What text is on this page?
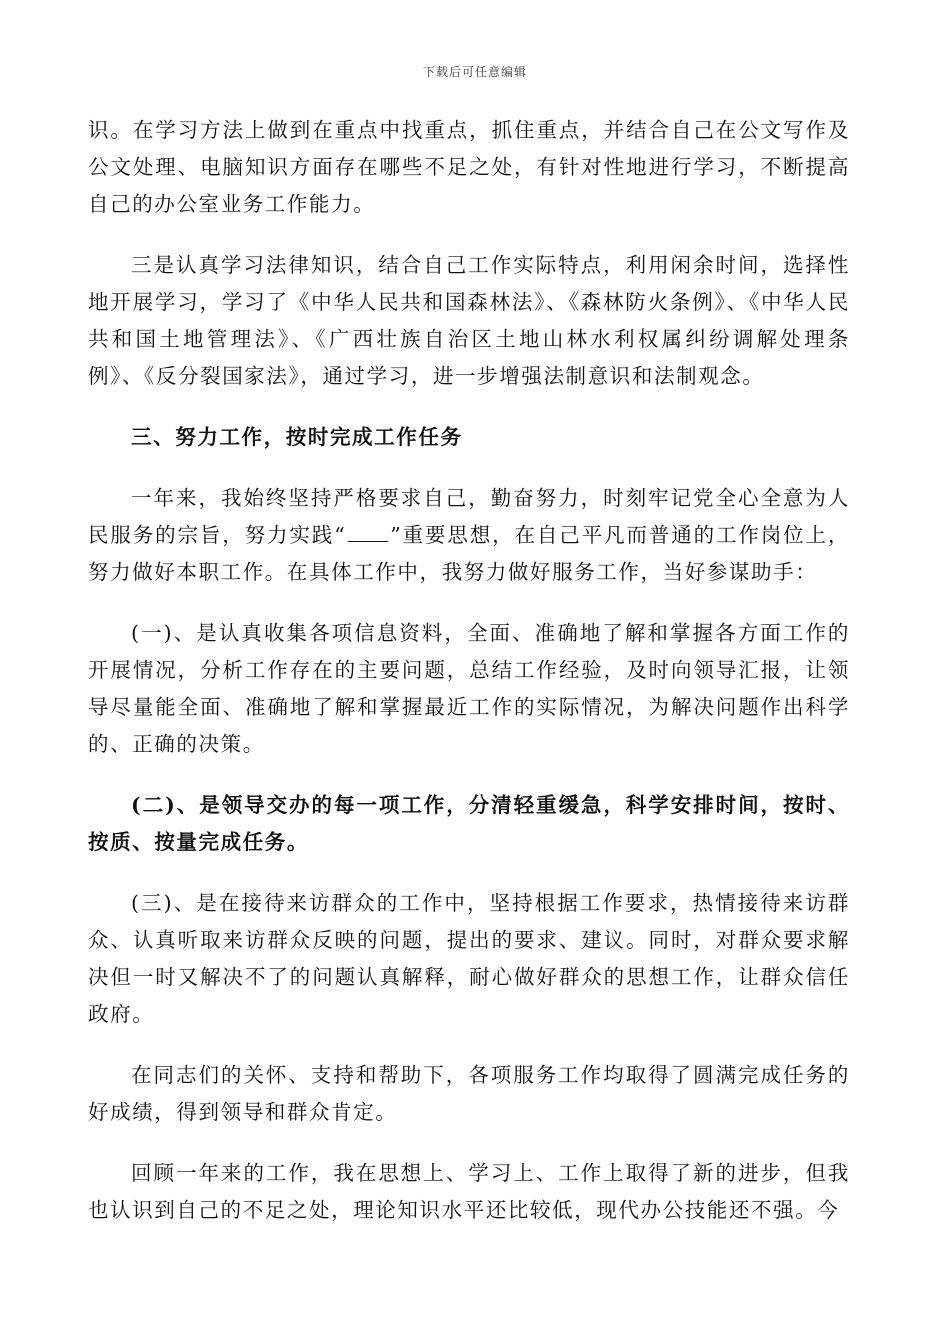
下载后可任意编辑

识。在学习方法上做到在重点中找重点，抓住重点，并结合自己在公文写作及公文处理、电脑知识方面存在哪些不足之处，有针对性地进行学习，不断提高自己的办公室业务工作能力。

三是认真学习法律知识，结合自己工作实际特点，利用闲余时间，选择性地开展学习，学习了《中华人民共和国森林法》、《森林防火条例》、《中华人民共和国土地管理法》、《广西壮族自治区土地山林水利权属纠纷调解处理条例》、《反分裂国家法》，通过学习，进一步增强法制意识和法制观念。

三、努力工作，按时完成工作任务

一年来，我始终坚持严格要求自己，勤奋努力，时刻牢记党全心全意为人民服务的宗旨，努力实践“ ”重要思想，在自己平凡而普通的工作岗位上，努力做好本职工作。在具体工作中，我努力做好服务工作，当好参谋助手：

(一)、是认真收集各项信息资料，全面、准确地了解和掌握各方面工作的开展情况，分析工作存在的主要问题，总结工作经验，及时向领导汇报，让领导尽量能全面、准确地了解和掌握最近工作的实际情况，为解决问题作出科学的、正确的决策。

(二)、是领导交办的每一项工作，分清轻重缓急，科学安排时间，按时、按质、按量完成任务。

(三)、是在接待来访群众的工作中，坚持根据工作要求，热情接待来访群众、认真听取来访群众反映的问题，提出的要求、建议。同时，对群众要求解决但一时又解决不了的问题认真解释，耐心做好群众的思想工作，让群众信任政府。

在同志们的关怀、支持和帮助下，各项服务工作均取得了圆满完成任务的好成绩，得到领导和群众肯定。

回顾一年来的工作，我在思想上、学习上、工作上取得了新的进步，但我也认识到自己的不足之处，理论知识水平还比较低，现代办公技能还不强。今
